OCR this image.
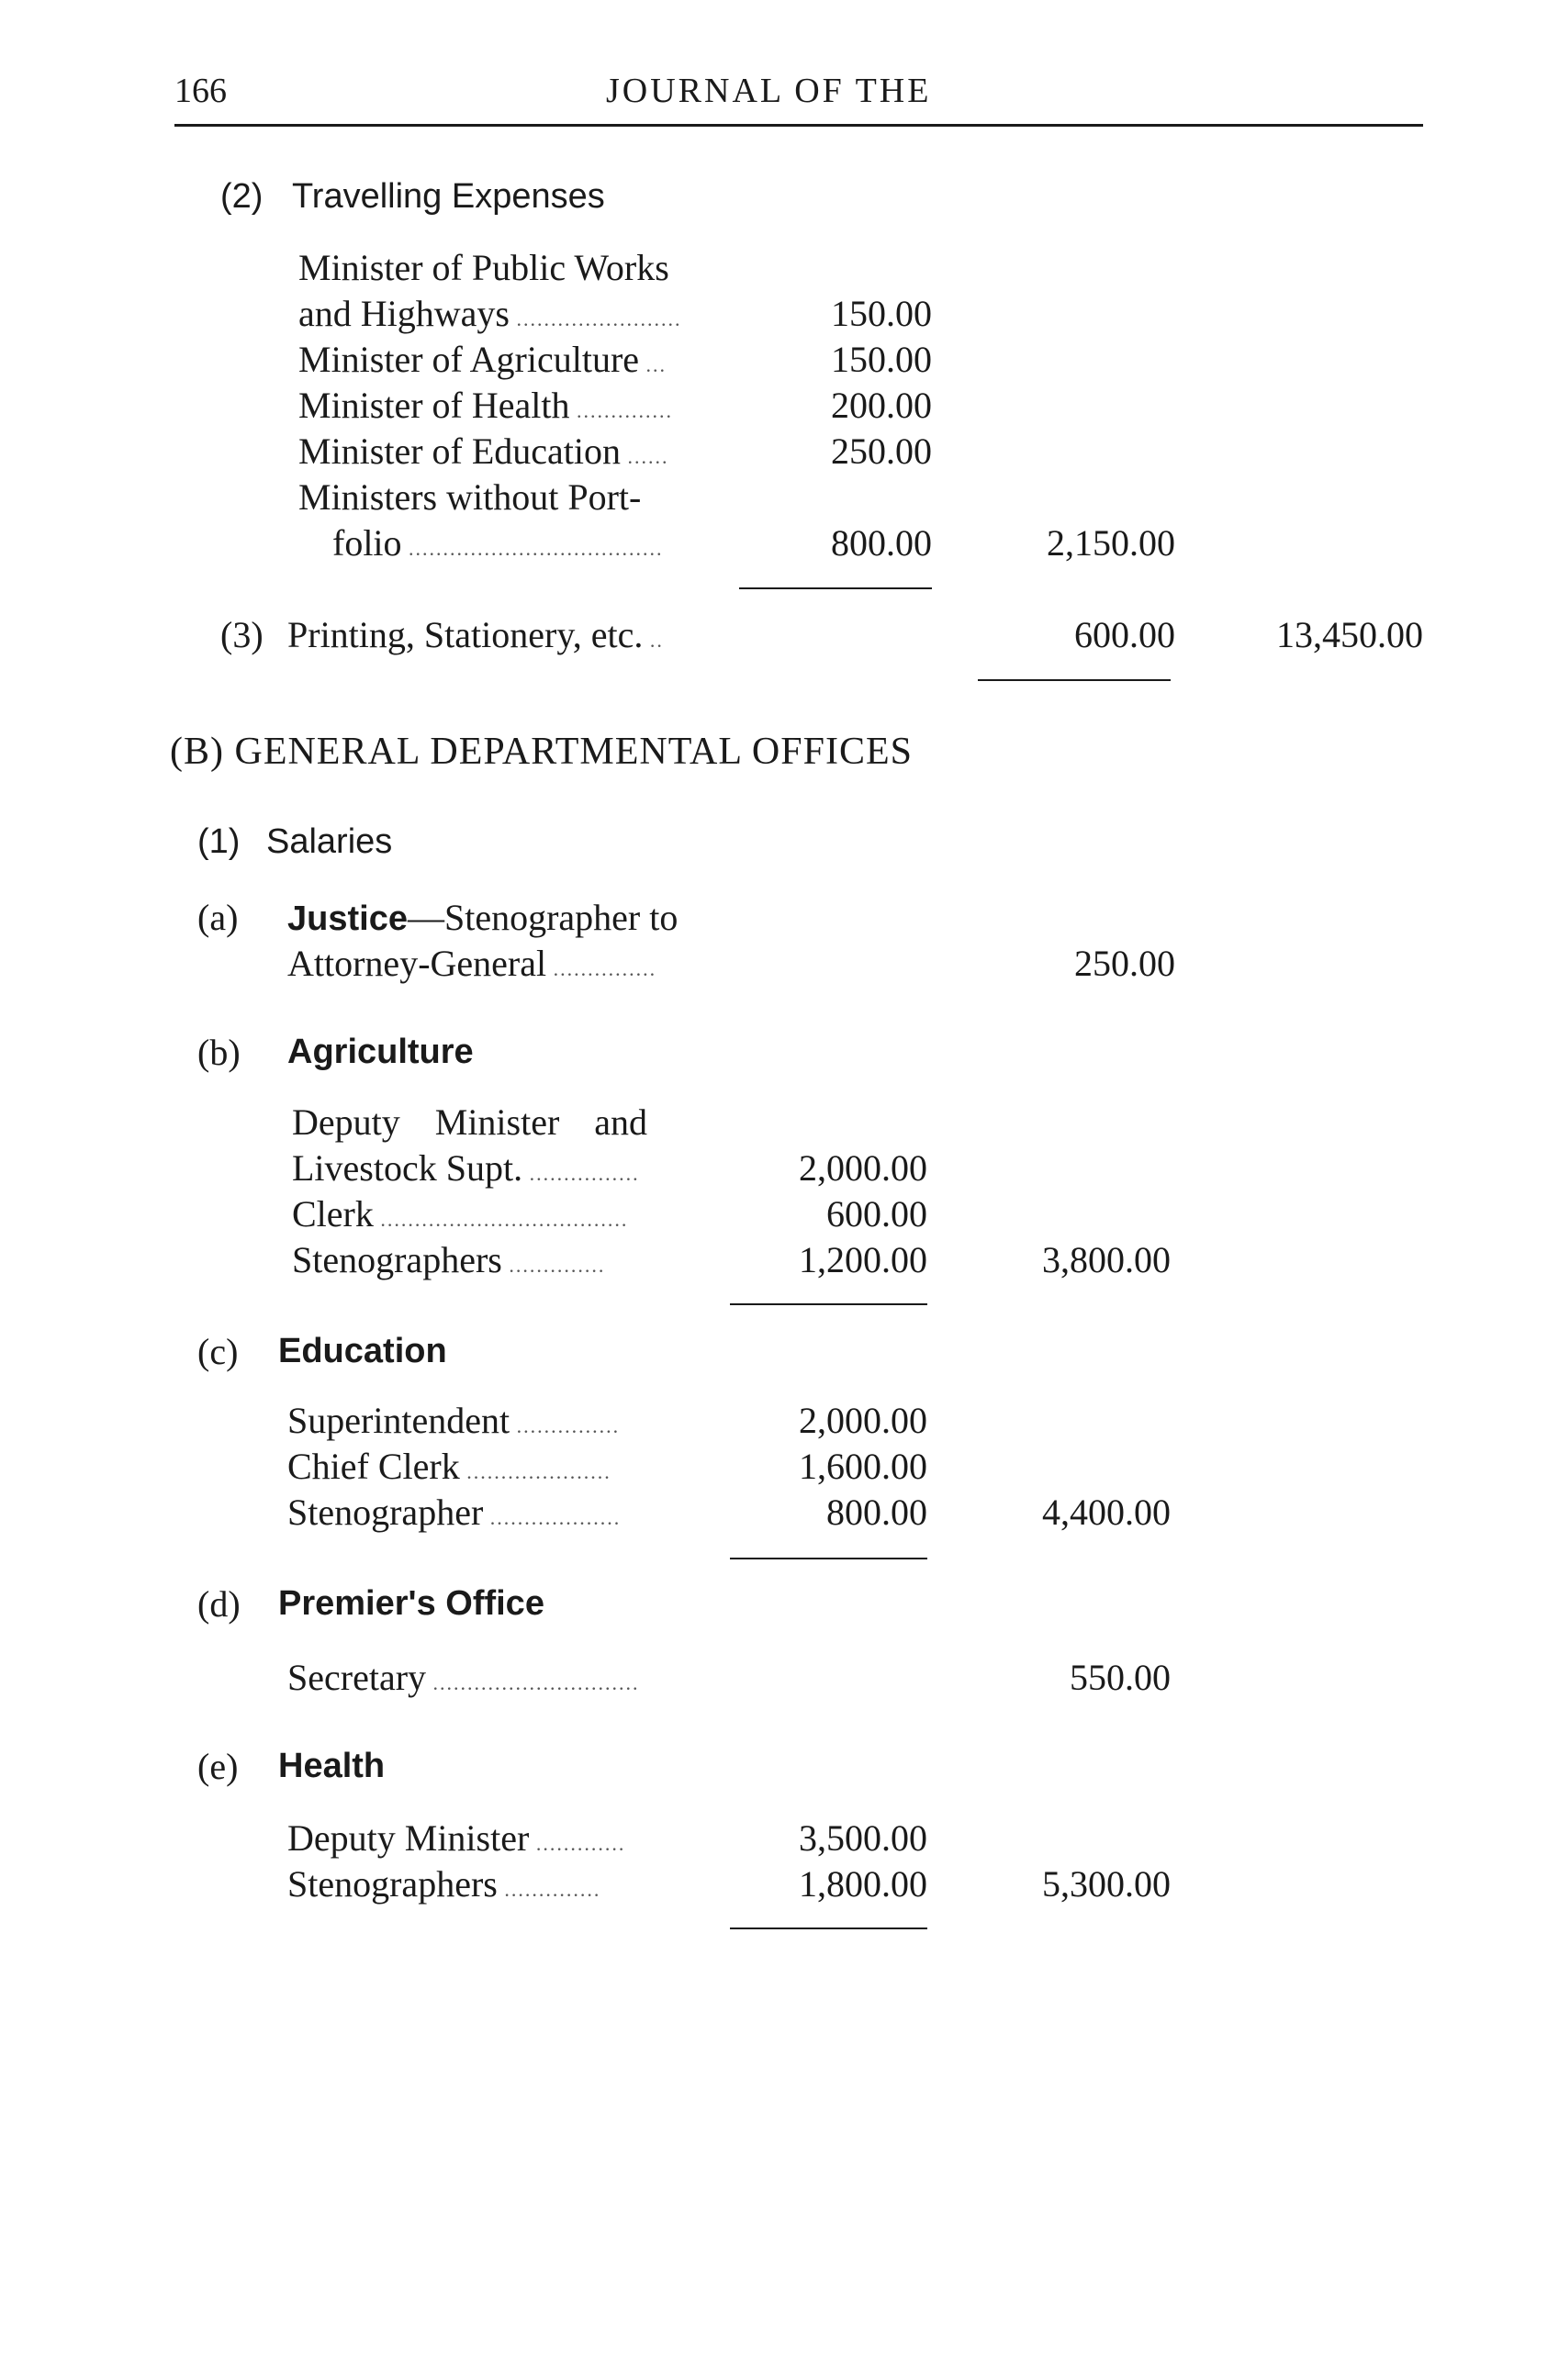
166	JOURNAL OF THE
(2) Travelling Expenses
Minister of Public Works
and Highways ........................	150.00
Minister of Agriculture ...	150.00
Minister of Health ..............	200.00
Minister of Education ......	250.00
Ministers without Port-
folio .....................................	800.00	2,150.00
(3) Printing, Stationery, etc. ..	600.00	13,450.00
(B) GENERAL DEPARTMENTAL OFFICES
(1) Salaries
(a) Justice—Stenographer to
Attorney-General ...............	250.00
(b) Agriculture
Deputy Minister and
Livestock Supt. ................	2,000.00
Clerk ....................................	600.00
Stenographers ..............	1,200.00	3,800.00
(c) Education
Superintendent ...............	2,000.00
Chief Clerk .....................	1,600.00
Stenographer ...................	800.00	4,400.00
(d) Premier's Office
Secretary ..............................	550.00
(e) Health
Deputy Minister .............	3,500.00
Stenographers ..............	1,800.00	5,300.00
